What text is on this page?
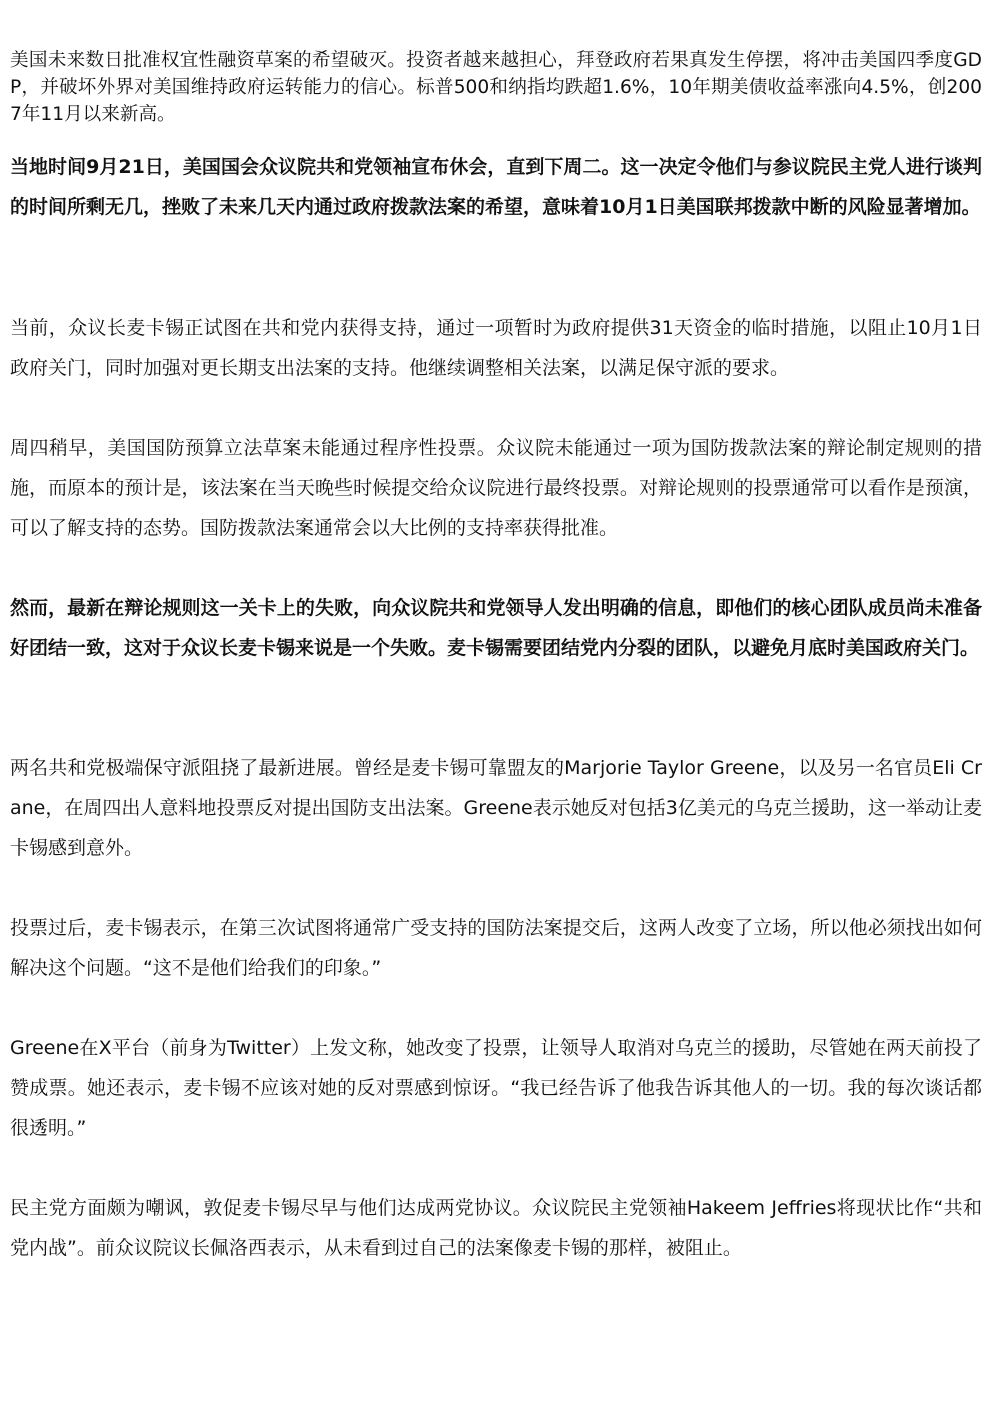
美国未来数日批准权宜性融资草案的希望破灭。投资者越来越担心，拜登政府若果真发生停摆，将冲击美国四季度GDP，并破坏外界对美国维持政府运转能力的信心。标普500和纳指均跌超1.6%，10年期美债收益率涨向4.5%，创2007年11月以来新高。

当地时间9月21日，美国国会众议院共和党领袖宣布休会，直到下周二。这一决定令他们与参议院民主党人进行谈判的时间所剩无几，挫败了未来几天内通过政府拨款法案的希望，意味着10月1日美国联邦拨款中断的风险显著增加。

当前，众议长麦卡锡正试图在共和党内获得支持，通过一项暂时为政府提供31天资金的临时措施，以阻止10月1日政府关门，同时加强对更长期支出法案的支持。他继续调整相关法案，以满足保守派的要求。

周四稍早，美国国防预算立法草案未能通过程序性投票。众议院未能通过一项为国防拨款法案的辩论制定规则的措施，而原本的预计是，该法案在当天晚些时候提交给众议院进行最终投票。对辩论规则的投票通常可以看作是预演，可以了解支持的态势。国防拨款法案通常会以大比例的支持率获得批准。

然而，最新在辩论规则这一关卡上的失败，向众议院共和党领导人发出明确的信息，即他们的核心团队成员尚未准备好团结一致，这对于众议长麦卡锡来说是一个失败。麦卡锡需要团结党内分裂的团队，以避免月底时美国政府关门。

两名共和党极端保守派阻挠了最新进展。曾经是麦卡锡可靠盟友的Marjorie Taylor Greene，以及另一名官员Eli Crane，在周四出人意料地投票反对提出国防支出法案。Greene表示她反对包括3亿美元的乌克兰援助，这一举动让麦卡锡感到意外。

投票过后，麦卡锡表示，在第三次试图将通常广受支持的国防法案提交后，这两人改变了立场，所以他必须找出如何解决这个问题。“这不是他们给我们的印象。”

Greene在X平台（前身为Twitter）上发文称，她改变了投票，让领导人取消对乌克兰的援助，尽管她在两天前投了赞成票。她还表示，麦卡锡不应该对她的反对票感到惊讶。“我已经告诉了他我告诉其他人的一切。我的每次谈话都很透明。”

民主党方面颇为嘲讽，敦促麦卡锡尽早与他们达成两党协议。众议院民主党领袖Hakeem Jeffries将现状比作“共和党内战”。前众议院议长佩洛西表示，从未看到过自己的法案像麦卡锡的那样，被阻止。
